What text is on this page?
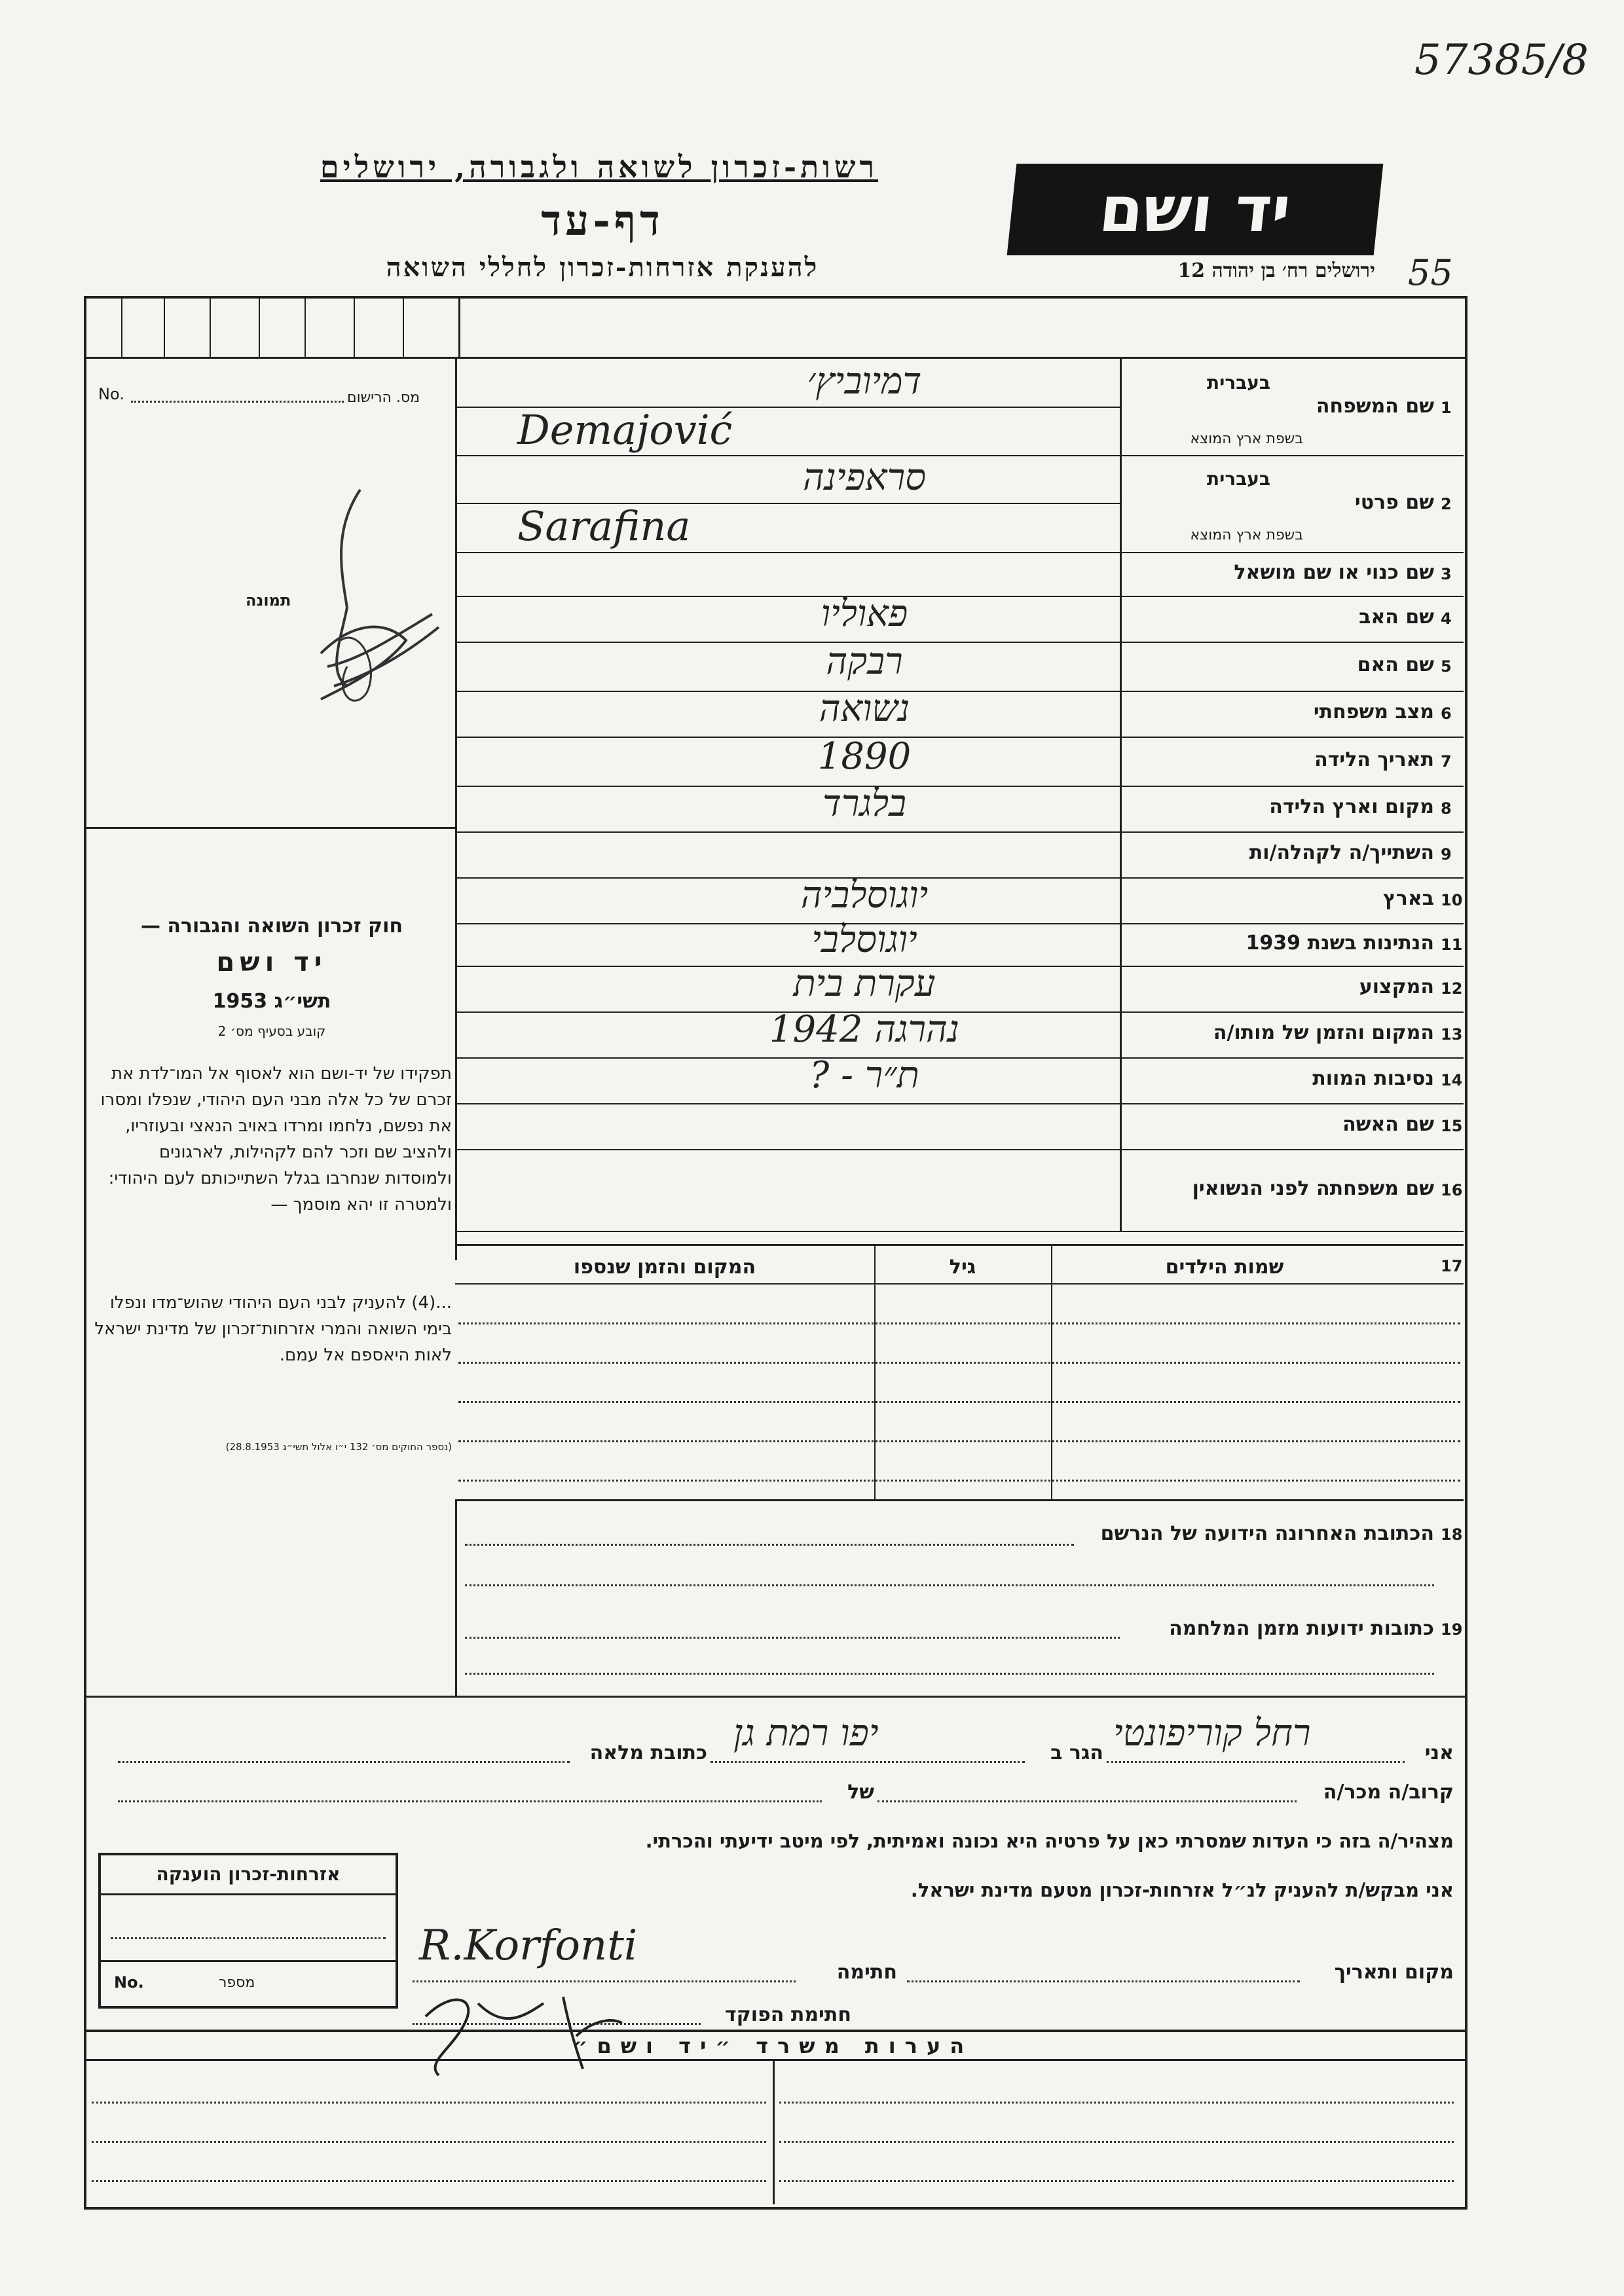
57385/8
55
רשות-זכרון לשואה ולגבורה, ירושלים
דף-עד
להענקת אזרחות-זכרון לחללי השואה
יד ושם
ירושלים רח׳ בן יהודה 12
מס. הרישום
No.
תמונה
חוק זכרון השואה והגבורה —
יד ושם
תשי״ג 1953
קובע בסעיף מס׳ 2
תפקידו של יד-ושם הוא לאסוף אל המו־לדת את זכרם של כל אלה מבני העם היהודי, שנפלו ומסרו את נפשם, נלחמו ומרדו באויב הנאצי ובעוזריו, ולהציב שם וזכר להם לקהילות, לארגונים ולמוסדות שנחרבו בגלל השתייכותם לעם היהודי: ולמטרה זו יהא מוסמך —
...(4) להעניק לבני העם היהודי שהוש־מדו ונפלו בימי השואה והמרי אזרחות־זכרון של מדינת ישראל לאות היאספם אל עמם.
(נספר החוקים מס׳ 132 י״ו אלול תשי״ג 28.8.1953)
1
שם המשפחה
בעברית
בשפת ארץ המוצא
דמיוביץ׳
Demajović
2
שם פרטי
בעברית
בשפת ארץ המוצא
סראפינה
Sarafina
3
שם כנוי או שם מושאל
4
שם האב
פאוליו
5
שם האם
רבקה
6
מצב משפחתי
נשואה
7
תאריך הלידה
1890
8
מקום וארץ הלידה
בלגרד
9
השתייך/ה לקהלה/ות
10
בארץ
יוגוסלביה
11
הנתינות בשנת 1939
יוגוסלבי
12
המקצוע
עקרת בית
13
המקום והזמן של מותו/ה
נהרגה 1942
14
נסיבות המוות
ת״ר - ?
15
שם האשה
16
שם משפחתה לפני הנשואין
17
שמות הילדים
גיל
המקום והזמן שנספו
18
הכתובת האחרונה הידועה של הנרשם
19
כתובות ידועות מזמן המלחמה
אני
רחל קוריפונטי
הגר ב
יפו רמת גן
כתובת מלאה
קרוב/ה מכר/ה
של
מצהיר/ה בזה כי העדות שמסרתי כאן על פרטיה היא נכונה ואמיתית, לפי מיטב ידיעתי והכרתי.
אני מבקש/ת להעניק לנ״ל אזרחות-זכרון מטעם מדינת ישראל.
מקום ותאריך
חתימה
R.Korfonti
חתימת הפוקד
אזרחות-זכרון הוענקה
No.	מספר
הערות משרד ״יד ושם״
